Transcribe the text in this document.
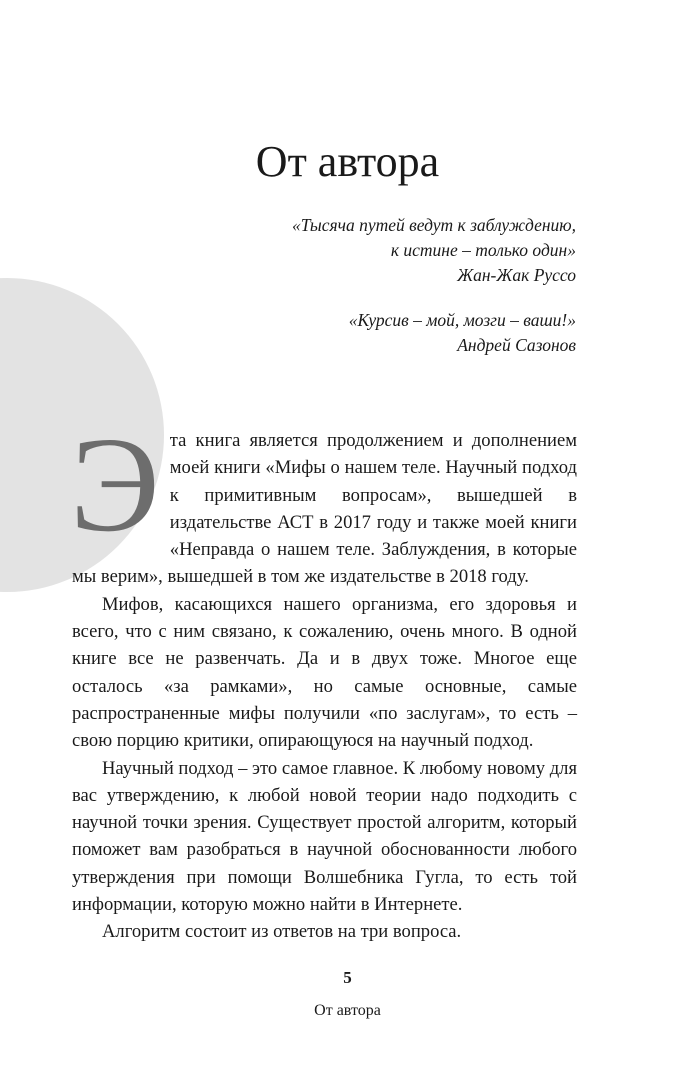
От автора
«Тысяча путей ведут к заблуждению,
к истине – только один»
Жан-Жак Руссо
«Курсив – мой, мозги – ваши!»
Андрей Сазонов

Эта книга является продолжением и дополнением моей книги «Мифы о нашем теле. Научный подход к примитивным вопросам», вышедшей в издательстве АСТ в 2017 году и также моей книги «Неправда о нашем теле. Заблуждения, в которые мы верим», вышедшей в том же издательстве в 2018 году.

Мифов, касающихся нашего организма, его здоровья и всего, что с ним связано, к сожалению, очень много. В одной книге все не развенчать. Да и в двух тоже. Многое еще осталось «за рамками», но самые основные, самые распространенные мифы получили «по заслугам», то есть – свою порцию критики, опирающуюся на научный подход.

Научный подход – это самое главное. К любому новому для вас утверждению, к любой новой теории надо подходить с научной точки зрения. Существует простой алгоритм, который поможет вам разобраться в научной обоснованности любого утверждения при помощи Волшебника Гугла, то есть той информации, которую можно найти в Интернете.

Алгоритм состоит из ответов на три вопроса.

5
От автора
